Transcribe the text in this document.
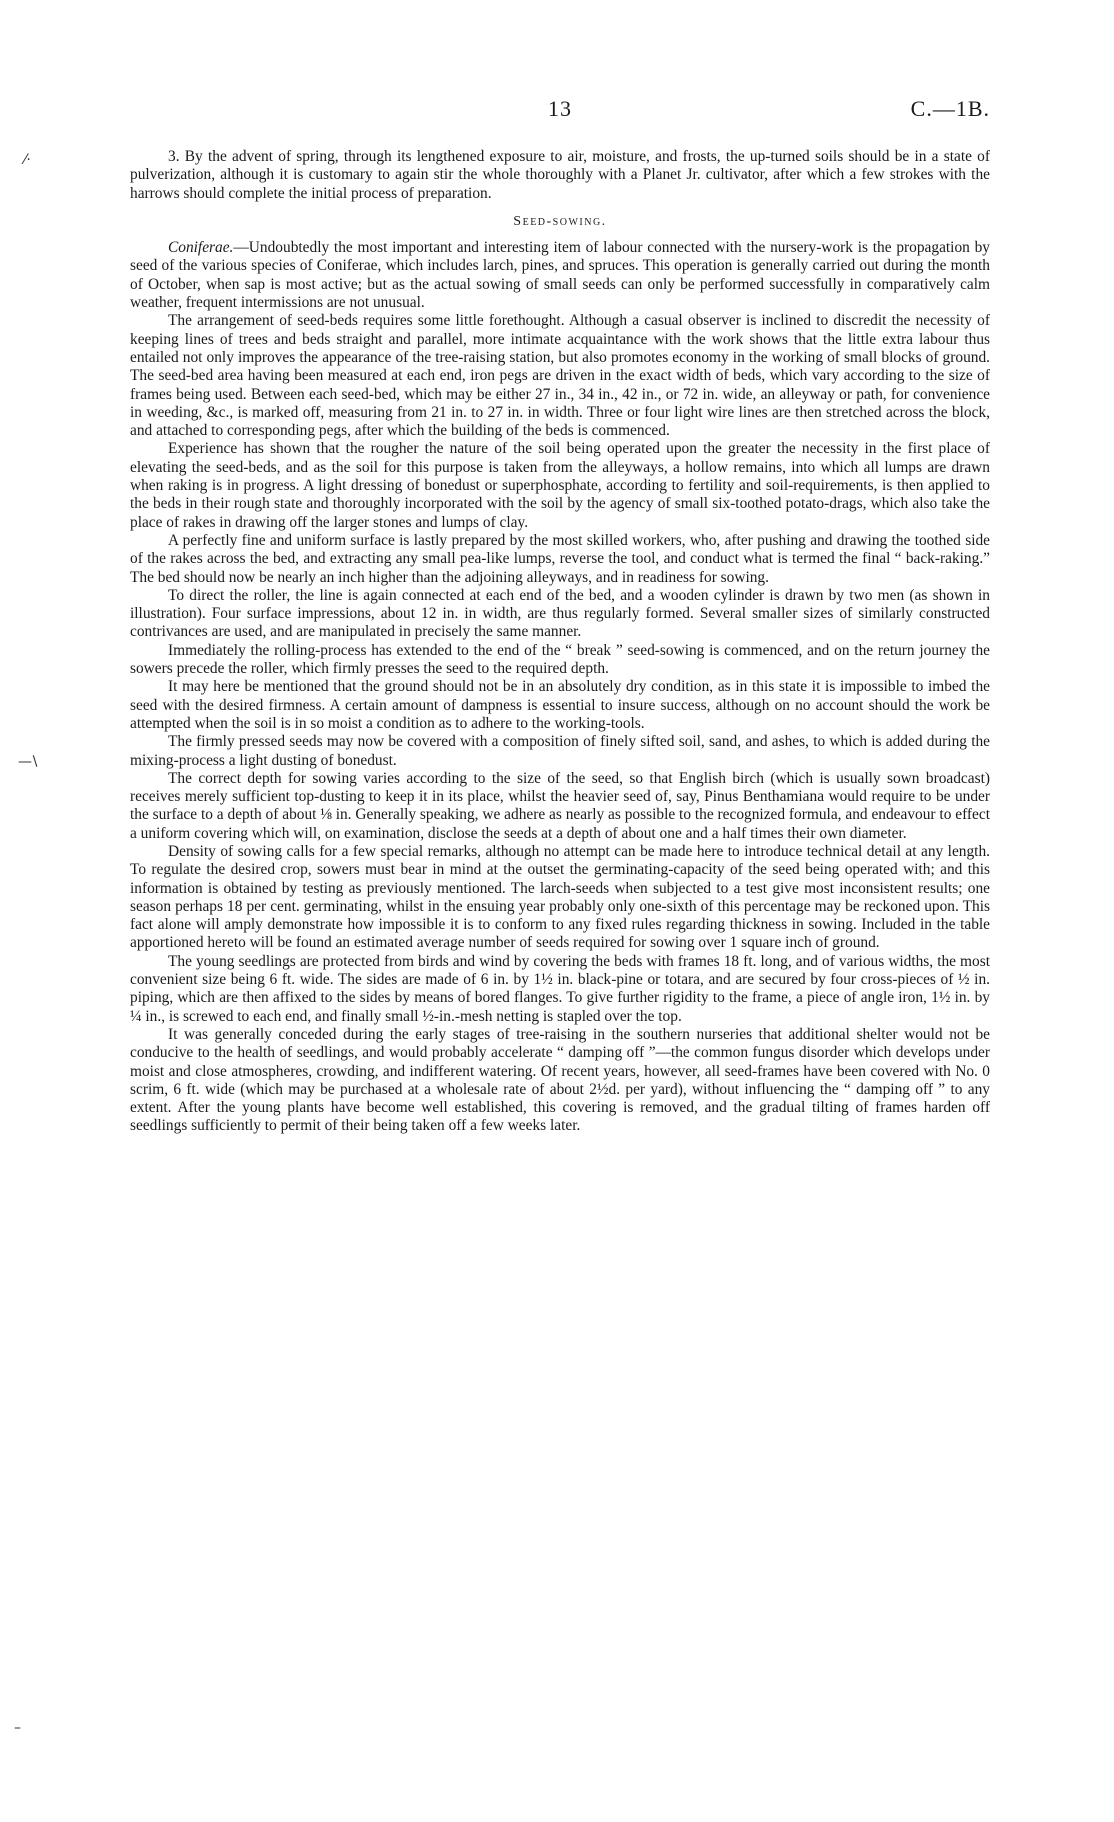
⁄·
—∖
–
13	C.—1B.

3. By the advent of spring, through its lengthened exposure to air, moisture, and frosts, the up-turned soils should be in a state of pulverization, although it is customary to again stir the whole thoroughly with a Planet Jr. cultivator, after which a few strokes with the harrows should complete the initial process of preparation.

Seed-sowing.

Coniferae.—Undoubtedly the most important and interesting item of labour connected with the nursery-work is the propagation by seed of the various species of Coniferae, which includes larch, pines, and spruces. This operation is generally carried out during the month of October, when sap is most active; but as the actual sowing of small seeds can only be performed successfully in comparatively calm weather, frequent intermissions are not unusual.

The arrangement of seed-beds requires some little forethought. Although a casual observer is inclined to discredit the necessity of keeping lines of trees and beds straight and parallel, more intimate acquaintance with the work shows that the little extra labour thus entailed not only improves the appearance of the tree-raising station, but also promotes economy in the working of small blocks of ground. The seed-bed area having been measured at each end, iron pegs are driven in the exact width of beds, which vary according to the size of frames being used. Between each seed-bed, which may be either 27 in., 34 in., 42 in., or 72 in. wide, an alleyway or path, for convenience in weeding, &c., is marked off, measuring from 21 in. to 27 in. in width. Three or four light wire lines are then stretched across the block, and attached to corresponding pegs, after which the building of the beds is commenced.

Experience has shown that the rougher the nature of the soil being operated upon the greater the necessity in the first place of elevating the seed-beds, and as the soil for this purpose is taken from the alleyways, a hollow remains, into which all lumps are drawn when raking is in progress. A light dressing of bonedust or superphosphate, according to fertility and soil-requirements, is then applied to the beds in their rough state and thoroughly incorporated with the soil by the agency of small six-toothed potato-drags, which also take the place of rakes in drawing off the larger stones and lumps of clay.

A perfectly fine and uniform surface is lastly prepared by the most skilled workers, who, after pushing and drawing the toothed side of the rakes across the bed, and extracting any small pea-like lumps, reverse the tool, and conduct what is termed the final “ back-raking.” The bed should now be nearly an inch higher than the adjoining alleyways, and in readiness for sowing.

To direct the roller, the line is again connected at each end of the bed, and a wooden cylinder is drawn by two men (as shown in illustration). Four surface impressions, about 12 in. in width, are thus regularly formed. Several smaller sizes of similarly constructed contrivances are used, and are manipulated in precisely the same manner.

Immediately the rolling-process has extended to the end of the “ break ” seed-sowing is commenced, and on the return journey the sowers precede the roller, which firmly presses the seed to the required depth.

It may here be mentioned that the ground should not be in an absolutely dry condition, as in this state it is impossible to imbed the seed with the desired firmness. A certain amount of dampness is essential to insure success, although on no account should the work be attempted when the soil is in so moist a condition as to adhere to the working-tools.

The firmly pressed seeds may now be covered with a composition of finely sifted soil, sand, and ashes, to which is added during the mixing-process a light dusting of bonedust.

The correct depth for sowing varies according to the size of the seed, so that English birch (which is usually sown broadcast) receives merely sufficient top-dusting to keep it in its place, whilst the heavier seed of, say, Pinus Benthamiana would require to be under the surface to a depth of about ⅛ in. Generally speaking, we adhere as nearly as possible to the recognized formula, and endeavour to effect a uniform covering which will, on examination, disclose the seeds at a depth of about one and a half times their own diameter.

Density of sowing calls for a few special remarks, although no attempt can be made here to introduce technical detail at any length. To regulate the desired crop, sowers must bear in mind at the outset the germinating-capacity of the seed being operated with; and this information is obtained by testing as previously mentioned. The larch-seeds when subjected to a test give most inconsistent results; one season perhaps 18 per cent. germinating, whilst in the ensuing year probably only one-sixth of this percentage may be reckoned upon. This fact alone will amply demonstrate how impossible it is to conform to any fixed rules regarding thickness in sowing. Included in the table apportioned hereto will be found an estimated average number of seeds required for sowing over 1 square inch of ground.

The young seedlings are protected from birds and wind by covering the beds with frames 18 ft. long, and of various widths, the most convenient size being 6 ft. wide. The sides are made of 6 in. by 1½ in. black-pine or totara, and are secured by four cross-pieces of ½ in. piping, which are then affixed to the sides by means of bored flanges. To give further rigidity to the frame, a piece of angle iron, 1½ in. by ¼ in., is screwed to each end, and finally small ½-in.-mesh netting is stapled over the top.

It was generally conceded during the early stages of tree-raising in the southern nurseries that additional shelter would not be conducive to the health of seedlings, and would probably accelerate “ damping off ”—the common fungus disorder which develops under moist and close atmospheres, crowding, and indifferent watering. Of recent years, however, all seed-frames have been covered with No. 0 scrim, 6 ft. wide (which may be purchased at a wholesale rate of about 2½d. per yard), without influencing the “ damping off ” to any extent. After the young plants have become well established, this covering is removed, and the gradual tilting of frames harden off seedlings sufficiently to permit of their being taken off a few weeks later.
